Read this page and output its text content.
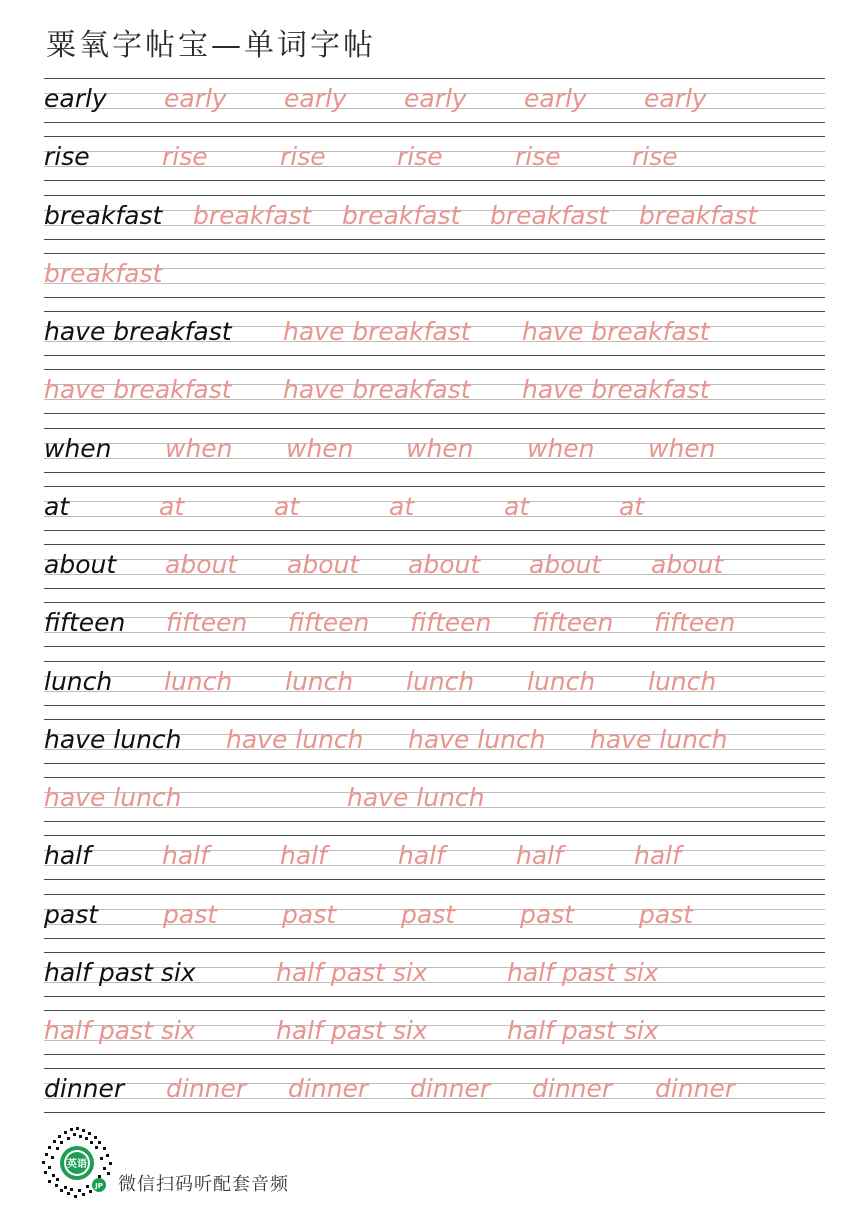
粟氧字帖宝—单词字帖
early early early early early early
rise	rise	rise	rise	rise	rise
breakfast breakfast breakfast breakfast breakfast
breakfast
have breakfast have breakfast have breakfast
have breakfast have breakfast have breakfast
when when when when when when
at	at	at	at	at	at
about about about about about about
fifteen fifteen fifteen fifteen fifteen fifteen
lunch lunch lunch lunch lunch lunch
have lunch have lunch have lunch have lunch
have lunch	have lunch
half	half	half	half	half	half
past	past	past	past	past	past
half past six	half past six	half past six
half past six	half past six	half past six
dinner dinner dinner dinner dinner dinner
英语
JP 微信扫码听配套音频
